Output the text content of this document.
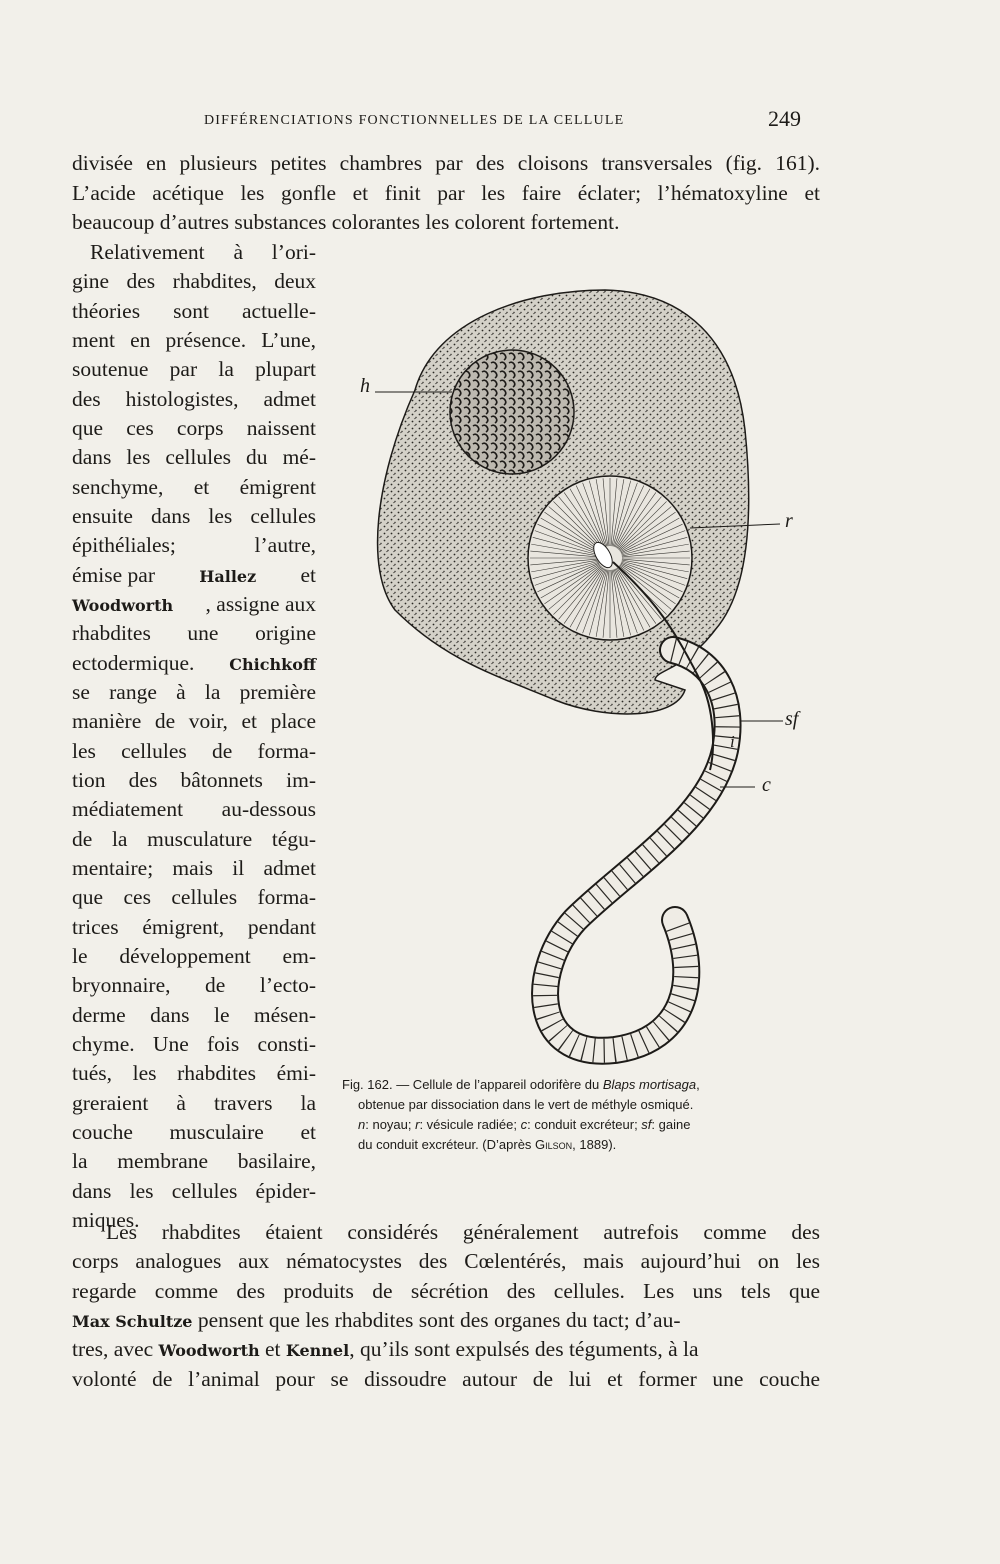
DIFFÉRENCIATIONS FONCTIONNELLES DE LA CELLULE	249
divisée en plusieurs petites chambres par des cloisons transversales (fig. 161).
L’acide acétique les gonfle et finit par les faire éclater; l’hématoxyline et
beaucoup d’autres substances colorantes les colorent fortement.
Relativement à l’ori-
gine des rhabdites, deux
théories sont actuelle-
ment en présence. L’une,
soutenue par la plupart
des histologistes, admet
que ces corps naissent
dans les cellules du mé-
senchyme, et émigrent
ensuite dans les cellules
épithéliales; l’autre,
émise par	Hallez et
Woodworth , assigne aux
rhabdites une origine
ectodermique. Chichkoff
se range à la première
manière de voir, et place
les cellules de forma-
tion des bâtonnets im-
médiatement au-dessous
de la musculature tégu-
mentaire; mais il admet
que ces cellules forma-
trices émigrent, pendant
le développement em-
bryonnaire, de l’ecto-
derme dans le mésen-
chyme. Une fois consti-
tués, les rhabdites émi-
greraient à travers la
couche musculaire et
la membrane basilaire,
dans les cellules épider-
miques.
h
r
sf
i
c
Fig. 162. — Cellule de l’appareil odorifère du Blaps mortisaga,
obtenue par dissociation dans le vert de méthyle osmiqué.
n: noyau; r: vésicule radiée; c: conduit excréteur; sf: gaine
du conduit excréteur. (D’après Gilson, 1889).
Les rhabdites étaient considérés généralement autrefois comme des
corps analogues aux nématocystes des Cœlentérés, mais aujourd’hui on les
regarde comme des produits de sécrétion des cellules. Les uns tels que
Max Schultze pensent que les rhabdites sont des organes du tact; d’au-
tres, avec Woodworth et Kennel, qu’ils sont expulsés des téguments, à la
volonté de l’animal pour se dissoudre autour de lui et former une couche
